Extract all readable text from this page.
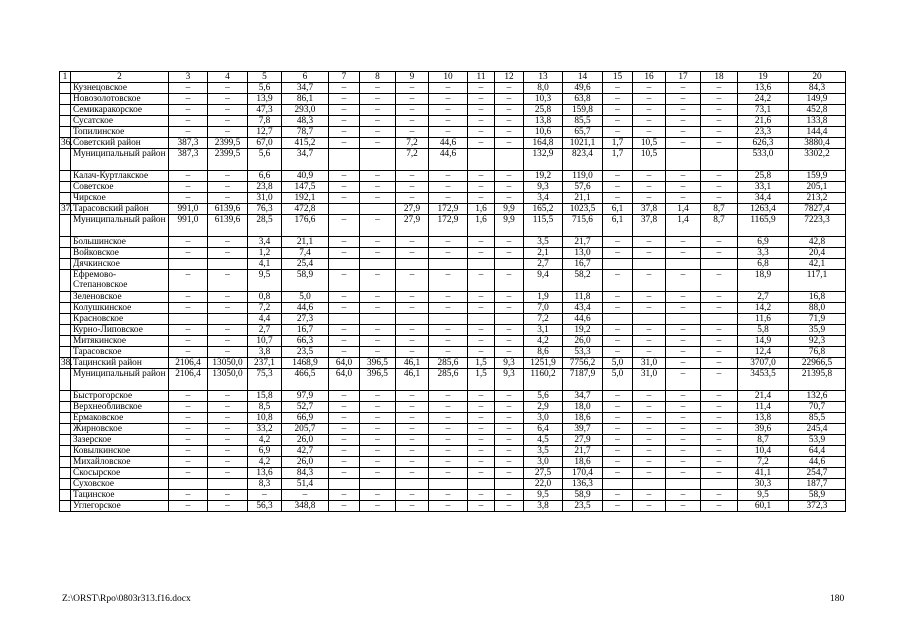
1	2	3	4	5	6	7	8	9	10	11	12	13	14	15	16	17	18	19	20
	Кузнецовское	–	–	5,6	34,7	–	–	–	–	–	–	8,0	49,6	–	–	–	–	13,6	84,3
	Новозолотовское	–	–	13,9	86,1	–	–	–	–	–	–	10,3	63,8	–	–	–	–	24,2	149,9
	Семикаракорское	–	–	47,3	293,0	–	–	–	–	–	–	25,8	159,8	–	–	–	–	73,1	452,8
	Сусатское	–	–	7,8	48,3	–	–	–	–	–	–	13,8	85,5	–	–	–	–	21,6	133,8
	Топилинское	–	–	12,7	78,7	–	–	–	–	–	–	10,6	65,7	–	–	–	–	23,3	144,4
36.	Советский район	387,3	2399,5	67,0	415,2	–	–	7,2	44,6	–	–	164,8	1021,1	1,7	10,5	–	–	626,3	3880,4
	Муниципальный район	387,3	2399,5	5,6	34,7			7,2	44,6			132,9	823,4	1,7	10,5			533,0	3302,2
	Калач-Куртлакское	–	–	6,6	40,9	–	–	–	–	–	–	19,2	119,0	–	–	–	–	25,8	159,9
	Советское	–	–	23,8	147,5	–	–	–	–	–	–	9,3	57,6	–	–	–	–	33,1	205,1
	Чирское	–	–	31,0	192,1	–	–	–	–	–	–	3,4	21,1	–	–	–	–	34,4	213,2
37.	Тарасовский район	991,0	6139,6	76,3	472,8			27,9	172,9	1,6	9,9	165,2	1023,5	6,1	37,8	1,4	8,7	1263,4	7827,4
	Муниципальный район	991,0	6139,6	28,5	176,6	–	–	27,9	172,9	1,6	9,9	115,5	715,6	6,1	37,8	1,4	8,7	1165,9	7223,3
	Большинское	–	–	3,4	21,1	–	–	–	–	–	–	3,5	21,7	–	–	–	–	6,9	42,8
	Войковское	–	–	1,2	7,4	–	–	–	–	–	–	2,1	13,0	–	–	–	–	3,3	20,4
	Дячкинское			4,1	25,4							2,7	16,7					6,8	42,1
	Ефремово-Степановское	–	–	9,5	58,9	–	–	–	–	–	–	9,4	58,2	–	–	–	–	18,9	117,1
	Зеленовское	–	–	0,8	5,0	–	–	–	–	–	–	1,9	11,8	–	–	–	–	2,7	16,8
	Колушкинское	–	–	7,2	44,6	–	–	–	–	–	–	7,0	43,4	–	–	–	–	14,2	88,0
	Красновское			4,4	27,3							7,2	44,6					11,6	71,9
	Курно-Липовское	–	–	2,7	16,7	–	–	–	–	–	–	3,1	19,2	–	–	–	–	5,8	35,9
	Митякинское	–	–	10,7	66,3	–	–	–	–	–	–	4,2	26,0	–	–	–	–	14,9	92,3
	Тарасовское	–	–	3,8	23,5	–	–	–	–	–	–	8,6	53,3	–	–	–	–	12,4	76,8
38.	Тацинский район	2106,4	13050,0	237,1	1468,9	64,0	396,5	46,1	285,6	1,5	9,3	1251,9	7756,2	5,0	31,0	–	–	3707,0	22966,5
	Муниципальный район	2106,4	13050,0	75,3	466,5	64,0	396,5	46,1	285,6	1,5	9,3	1160,2	7187,9	5,0	31,0	–	–	3453,5	21395,8
	Быстрогорское	–	–	15,8	97,9	–	–	–	–	–	–	5,6	34,7	–	–	–	–	21,4	132,6
	Верхнеобливское	–	–	8,5	52,7	–	–	–	–	–	–	2,9	18,0	–	–	–	–	11,4	70,7
	Ермаковское	–	–	10,8	66,9	–	–	–	–	–	–	3,0	18,6	–	–	–	–	13,8	85,5
	Жирновское	–	–	33,2	205,7	–	–	–	–	–	–	6,4	39,7	–	–	–	–	39,6	245,4
	Зазерское	–	–	4,2	26,0	–	–	–	–	–	–	4,5	27,9	–	–	–	–	8,7	53,9
	Ковылкинское	–	–	6,9	42,7	–	–	–	–	–	–	3,5	21,7	–	–	–	–	10,4	64,4
	Михайловское	–	–	4,2	26,0	–	–	–	–	–	–	3,0	18,6	–	–	–	–	7,2	44,6
	Скосырское	–	–	13,6	84,3	–	–	–	–	–	–	27,5	170,4	–	–	–	–	41,1	254,7
	Суховское			8,3	51,4							22,0	136,3					30,3	187,7
	Тацинское	–	–	–	–	–	–	–	–	–	–	9,5	58,9	–	–	–	–	9,5	58,9
	Углегорское	–	–	56,3	348,8	–	–	–	–	–	–	3,8	23,5	–	–	–	–	60,1	372,3
Z:\ORST\Rpo\0803r313.f16.docx	180
